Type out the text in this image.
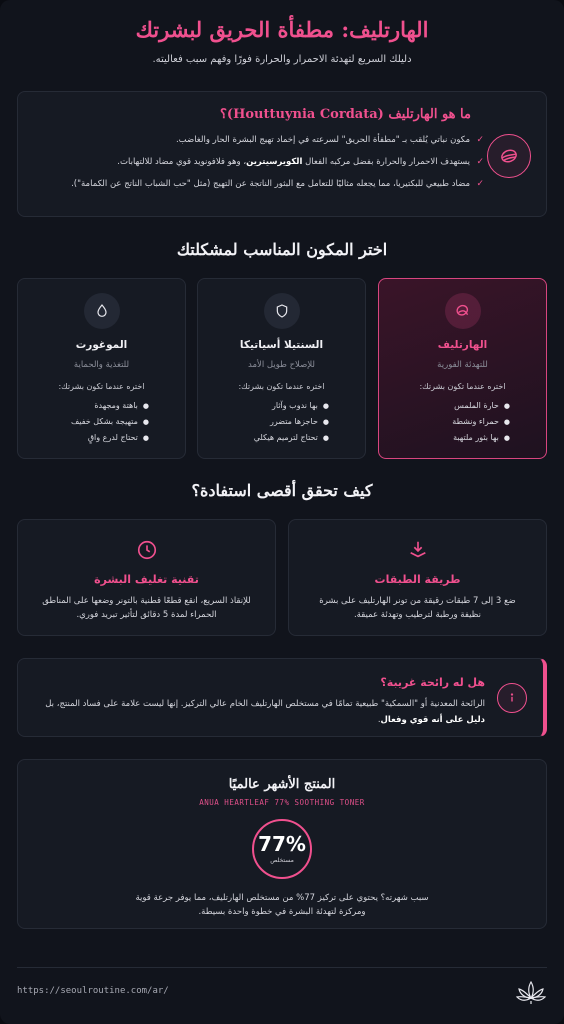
الهارتليف: مطفأة الحريق لبشرتك
دليلك السريع لتهدئة الاحمرار والحرارة فورًا وفهم سبب فعاليته.
ما هو الهارتليف (Houttuynia Cordata)؟
✓
مكون نباتي يُلقب بـ "مطفأة الحريق" لسرعته في إخماد تهيج البشرة الحار والغاضب.
✓
يستهدف الاحمرار والحرارة بفضل مركبه الفعال الكويرسيترين، وهو فلافونويد قوي مضاد للالتهابات.
✓
مضاد طبيعي للبكتيريا، مما يجعله مثاليًا للتعامل مع البثور الناتجة عن التهيج (مثل "حب الشباب الناتج عن الكمامة").
اختر المكون المناسب لمشكلتك
الهارتليف
للتهدئة الفورية
اختره عندما تكون بشرتك:
● حارة الملمس
● حمراء ونشطة
● بها بثور ملتهبة
السنتيلا أسياتيكا
للإصلاح طويل الأمد
اختره عندما تكون بشرتك:
● بها ندوب وآثار
● حاجزها متضرر
● تحتاج لترميم هيكلي
الموغورت
للتغذية والحماية
اختره عندما تكون بشرتك:
● باهتة ومجهدة
● متهيجة بشكل خفيف
● تحتاج لدرع واقٍ
كيف تحقق أقصى استفادة؟
طريقة الطبقات
ضع 3 إلى 7 طبقات رقيقة من تونر الهارتليف على بشرة نظيفة ورطبة لترطيب وتهدئة عميقة.
تقنية تغليف البشرة
للإنقاذ السريع، انقع قطعًا قطنية بالتونر وضعها على المناطق الحمراء لمدة 5 دقائق لتأثير تبريد فوري.
هل له رائحة غريبة؟
الرائحة المعدنية أو "السمكية" طبيعية تمامًا في مستخلص الهارتليف الخام عالي التركيز. إنها ليست علامة على فساد المنتج، بل دليل على أنه قوي وفعال.
المنتج الأشهر عالميًا
ANUA HEARTLEAF 77% SOOTHING TONER
77%
مستخلص
سبب شهرته؟ يحتوي على تركيز 77% من مستخلص الهارتليف، مما يوفر جرعة قوية ومركزة لتهدئة البشرة في خطوة واحدة بسيطة.
https://seoulroutine.com/ar/
